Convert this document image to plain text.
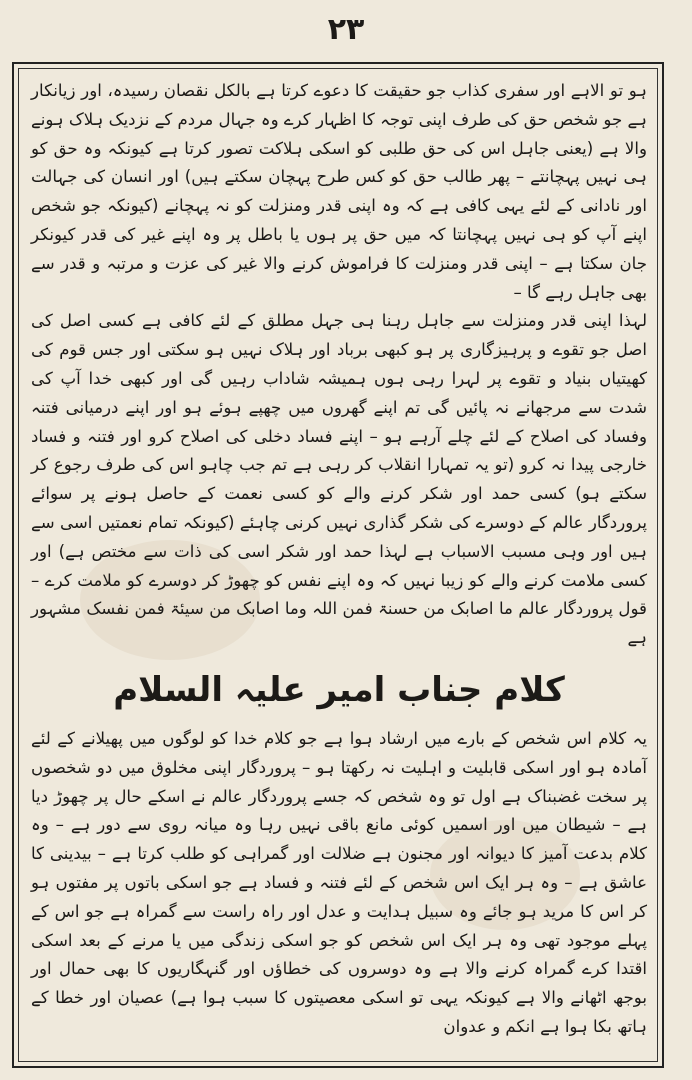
۲۳

ہو تو الاہے اور سفری کذاب جو حقیقت کا دعوے کرتا ہے بالکل نقصان رسیدہ، اور زیانکار ہے جو شخص حق کی طرف اپنی توجہ کا اظہار کرے وہ جہال مردم کے نزدیک ہلاک ہونے والا ہے (یعنی جاہل اس کی حق طلبی کو اسکی ہلاکت تصور کرتا ہے کیونکہ وہ حق کو ہی نہیں پہچانتے – پھر طالب حق کو کس طرح پہچان سکتے ہیں) اور انسان کی جہالت اور نادانی کے لئے یہی کافی ہے کہ وہ اپنی قدر ومنزلت کو نہ پہچانے (کیونکہ جو شخص اپنے آپ کو ہی نہیں پہچانتا کہ میں حق پر ہوں یا باطل پر وہ اپنے غیر کی قدر کیونکر جان سکتا ہے – اپنی قدر ومنزلت کا فراموش کرنے والا غیر کی عزت و مرتبہ و قدر سے بھی جاہل رہے گا –

لہذا اپنی قدر ومنزلت سے جاہل رہنا ہی جہل مطلق کے لئے کافی ہے کسی اصل کی اصل جو تقوے و پرہیزگاری پر ہو کبھی برباد اور ہلاک نہیں ہو سکتی اور جس قوم کی کھیتیاں بنیاد و تقوے پر لہرا رہی ہوں ہمیشہ شاداب رہیں گی اور کبھی خدا آپ کی شدت سے مرجھانے نہ پائیں گی تم اپنے گھروں میں چھپے ہوئے ہو اور اپنے درمیانی فتنہ وفساد کی اصلاح کے لئے چلے آرہے ہو – اپنے فساد دخلی کی اصلاح کرو اور فتنہ و فساد خارجی پیدا نہ کرو (تو یہ تمہارا انقلاب کر رہی ہے تم جب چاہو اس کی طرف رجوع کر سکتے ہو) کسی حمد اور شکر کرنے والے کو کسی نعمت کے حاصل ہونے پر سوائے پروردگار عالم کے دوسرے کی شکر گذاری نہیں کرنی چاہئے (کیونکہ تمام نعمتیں اسی سے ہیں اور وہی مسبب الاسباب ہے لہذا حمد اور شکر اسی کی ذات سے مختص ہے) اور کسی ملامت کرنے والے کو زیبا نہیں کہ وہ اپنے نفس کو چھوڑ کر دوسرے کو ملامت کرے – قول پروردگار عالم ما اصابک من حسنۃ فمن اللہ وما اصابک من سیئۃ فمن نفسک مشہور ہے

کلام جناب امیر علیہ السلام

یہ کلام اس شخص کے بارے میں ارشاد ہوا ہے جو کلام خدا کو لوگوں میں پھیلانے کے لئے آمادہ ہو اور اسکی قابلیت و اہلیت نہ رکھتا ہو – پروردگار اپنی مخلوق میں دو شخصوں پر سخت غضبناک ہے اول تو وہ شخص کہ جسے پروردگار عالم نے اسکے حال پر چھوڑ دیا ہے – شیطان میں اور اسمیں کوئی مانع باقی نہیں رہا وہ میانہ روی سے دور ہے – وہ کلام بدعت آمیز کا دیوانہ اور مجنون ہے ضلالت اور گمراہی کو طلب کرتا ہے – بیدینی کا عاشق ہے – وہ ہر ایک اس شخص کے لئے فتنہ و فساد ہے جو اسکی باتوں پر مفتوں ہو کر اس کا مرید ہو جائے وہ سبیل ہدایت و عدل اور راہ راست سے گمراہ ہے جو اس کے پہلے موجود تھی وہ ہر ایک اس شخص کو جو اسکی زندگی میں یا مرنے کے بعد اسکی اقتدا کرے گمراہ کرنے والا ہے وہ دوسروں کی خطاؤں اور گنہگاریوں کا بھی حمال اور بوجھ اٹھانے والا ہے کیونکہ یہی تو اسکی معصیتوں کا سبب ہوا ہے) عصیان اور خطا کے ہاتھ بکا ہوا ہے انکم و عدوان
